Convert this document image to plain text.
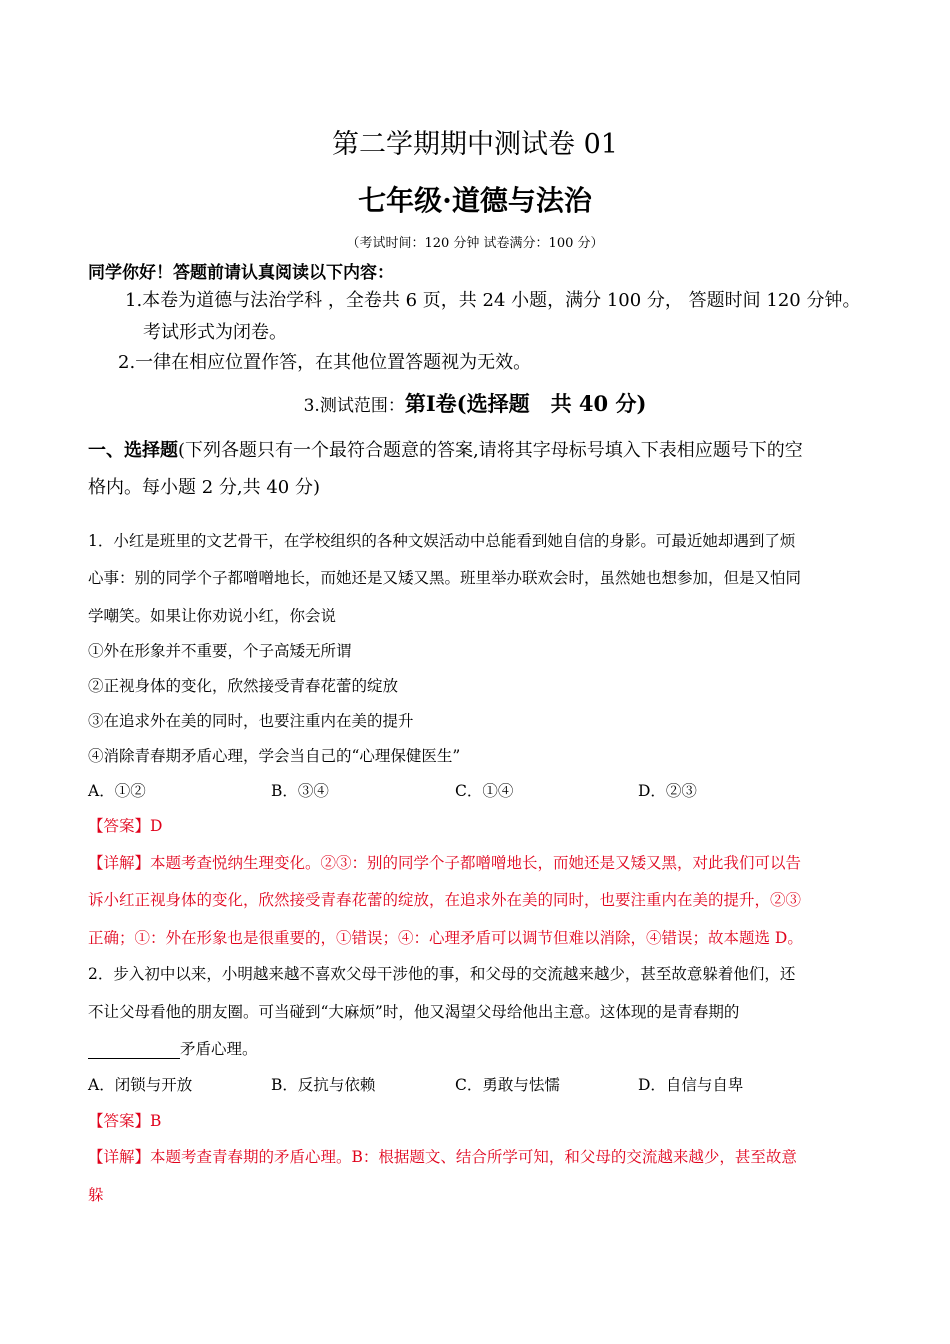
第二学期期中测试卷 01
七年级·道德与法治
（考试时间：120 分钟 试卷满分：100 分）
同学你好！答题前请认真阅读以下内容：
1.本卷为道德与法治学科 ，全卷共 6 页，共 24 小题，满分 100 分， 答题时间 120 分钟。
考试形式为闭卷。
2.一律在相应位置作答，在其他位置答题视为无效。
3.测试范围：第Ⅰ卷(选择题　共 40 分)
一、选择题(下列各题只有一个最符合题意的答案,请将其字母标号填入下表相应题号下的空
格内。每小题 2 分,共 40 分)
1．小红是班里的文艺骨干，在学校组织的各种文娱活动中总能看到她自信的身影。可最近她却遇到了烦
心事：别的同学个子都噌噌地长，而她还是又矮又黑。班里举办联欢会时，虽然她也想参加，但是又怕同
学嘲笑。如果让你劝说小红，你会说
①外在形象并不重要，个子高矮无所谓
②正视身体的变化，欣然接受青春花蕾的绽放
③在追求外在美的同时，也要注重内在美的提升
④消除青春期矛盾心理，学会当自己的“心理保健医生”
A．①②	B．③④	C．①④	D．②③
【答案】D
【详解】本题考查悦纳生理变化。②③：别的同学个子都噌噌地长，而她还是又矮又黑，对此我们可以告
诉小红正视身体的变化，欣然接受青春花蕾的绽放，在追求外在美的同时，也要注重内在美的提升，②③
正确；①：外在形象也是很重要的，①错误；④：心理矛盾可以调节但难以消除，④错误；故本题选 D。
2．步入初中以来，小明越来越不喜欢父母干涉他的事，和父母的交流越来越少，甚至故意躲着他们，还
不让父母看他的朋友圈。可当碰到“大麻烦”时，他又渴望父母给他出主意。这体现的是青春期的
矛盾心理。
A．闭锁与开放	B．反抗与依赖	C．勇敢与怯懦	D．自信与自卑
【答案】B
【详解】本题考查青春期的矛盾心理。B：根据题文、结合所学可知，和父母的交流越来越少，甚至故意
躲
